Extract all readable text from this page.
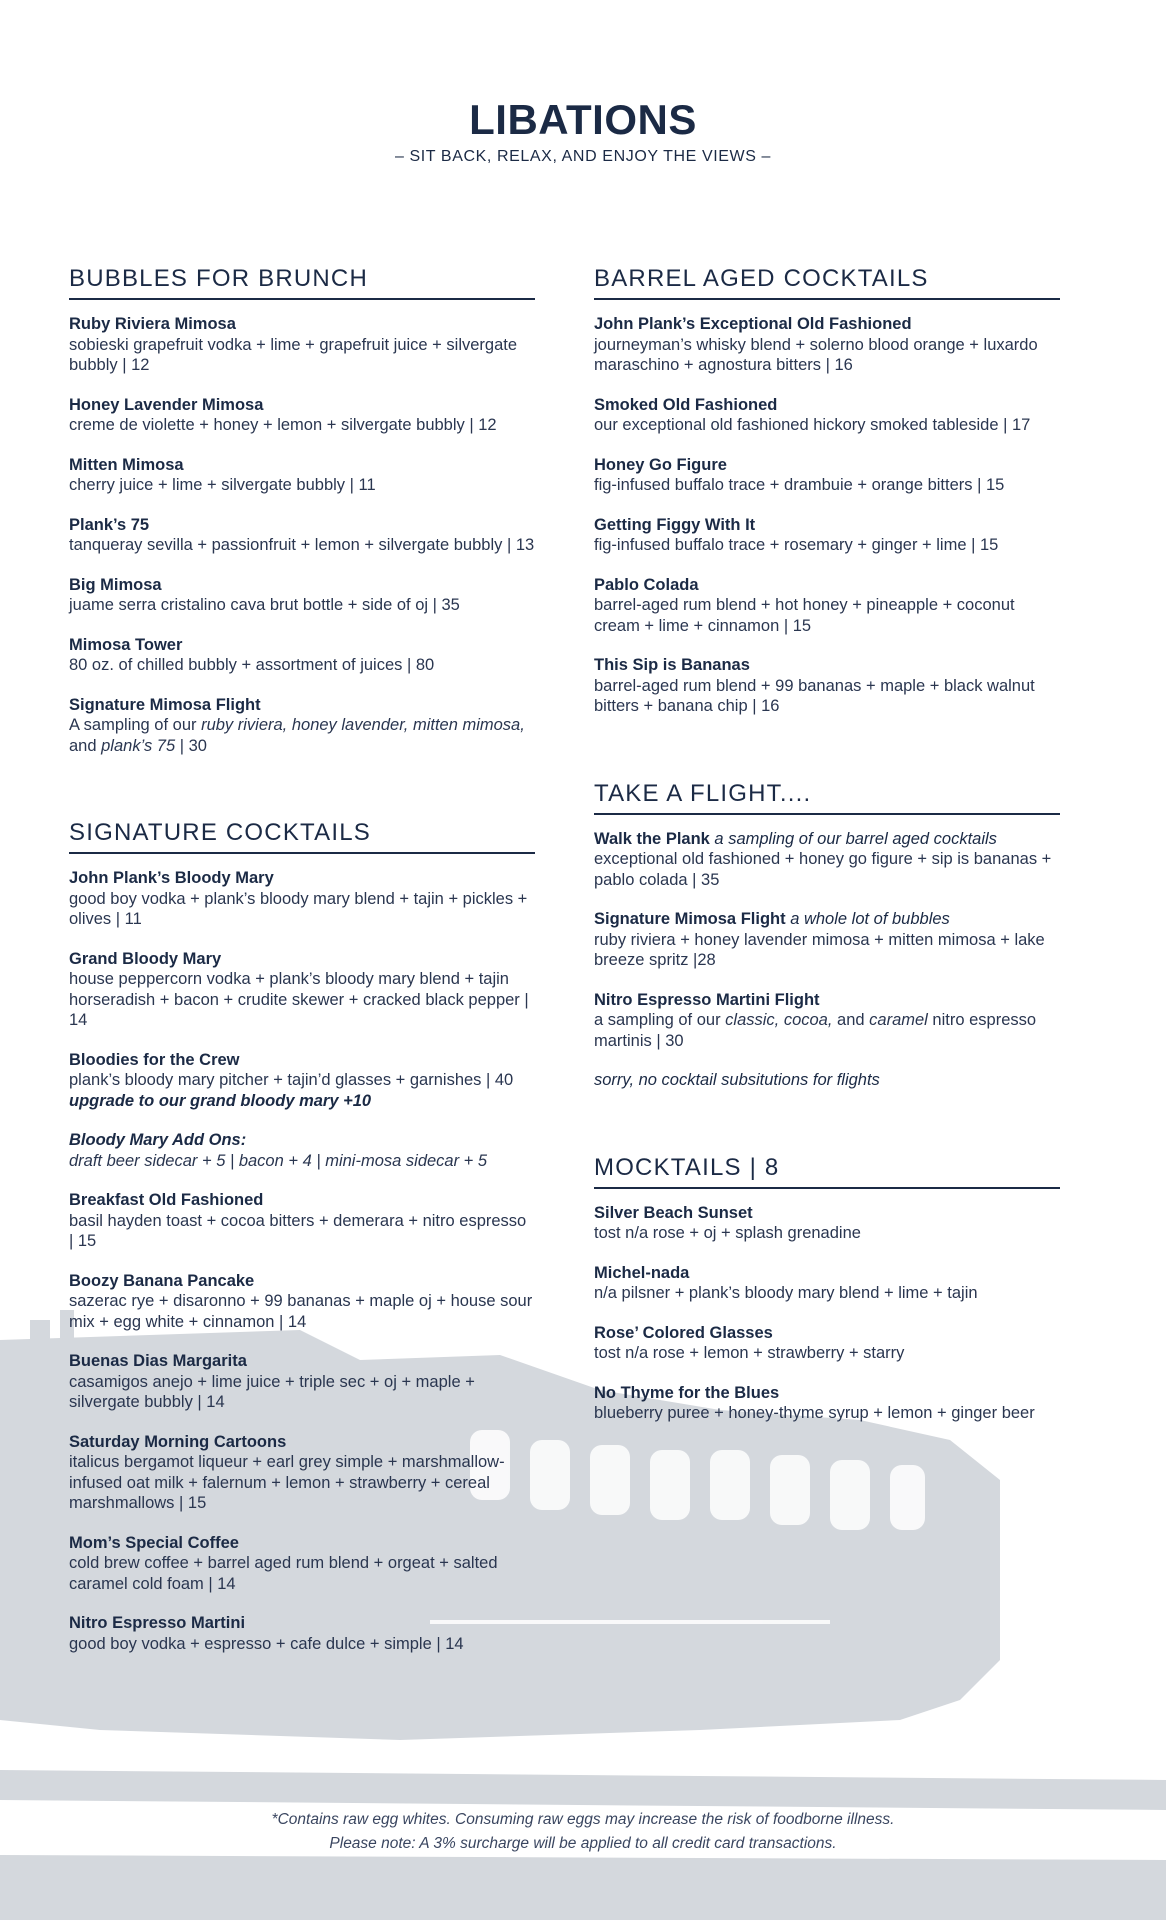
LIBATIONS
– SIT BACK, RELAX, AND ENJOY THE VIEWS –
BUBBLES FOR BRUNCH
Ruby Riviera Mimosa
sobieski grapefruit vodka + lime + grapefruit juice + silvergate bubbly | 12
Honey Lavender Mimosa
creme de violette + honey + lemon + silvergate bubbly | 12
Mitten Mimosa
cherry juice + lime + silvergate bubbly | 11
Plank’s 75
tanqueray sevilla + passionfruit + lemon + silvergate bubbly | 13
Big Mimosa
juame serra cristalino cava brut bottle + side of oj | 35
Mimosa Tower
80 oz. of chilled bubbly + assortment of juices | 80
Signature Mimosa Flight
A sampling of our ruby riviera, honey lavender, mitten mimosa, and plank’s 75 | 30
SIGNATURE COCKTAILS
John Plank’s Bloody Mary
good boy vodka + plank’s bloody mary blend + tajin + pickles + olives | 11
Grand Bloody Mary
house peppercorn vodka + plank’s bloody mary blend + tajin horseradish + bacon + crudite skewer + cracked black pepper | 14
Bloodies for the Crew
plank’s bloody mary pitcher + tajin’d glasses + garnishes | 40
upgrade to our grand bloody mary +10
Bloody Mary Add Ons:
draft beer sidecar + 5 | bacon + 4 | mini-mosa sidecar + 5
Breakfast Old Fashioned
basil hayden toast + cocoa bitters + demerara + nitro espresso | 15
Boozy Banana Pancake
sazerac rye + disaronno + 99 bananas + maple oj + house sour mix + egg white + cinnamon | 14
Buenas Dias Margarita
casamigos anejo + lime juice + triple sec + oj + maple + silvergate bubbly | 14
Saturday Morning Cartoons
italicus bergamot liqueur + earl grey simple + marshmallow-infused oat milk + falernum + lemon + strawberry + cereal marshmallows | 15
Mom’s Special Coffee
cold brew coffee + barrel aged rum blend + orgeat + salted caramel cold foam | 14
Nitro Espresso Martini
good boy vodka + espresso + cafe dulce + simple | 14
BARREL AGED COCKTAILS
John Plank’s Exceptional Old Fashioned
journeyman’s whisky blend + solerno blood orange + luxardo maraschino + agnostura bitters | 16
Smoked Old Fashioned
our exceptional old fashioned hickory smoked tableside | 17
Honey Go Figure
fig-infused buffalo trace + drambuie + orange bitters | 15
Getting Figgy With It
fig-infused buffalo trace + rosemary + ginger + lime | 15
Pablo Colada
barrel-aged rum blend + hot honey + pineapple + coconut cream + lime + cinnamon | 15
This Sip is Bananas
barrel-aged rum blend + 99 bananas + maple + black walnut bitters + banana chip | 16
TAKE A FLIGHT....
Walk the Plank a sampling of our barrel aged cocktails
exceptional old fashioned + honey go figure + sip is bananas + pablo colada | 35
Signature Mimosa Flight a whole lot of bubbles
ruby riviera + honey lavender mimosa + mitten mimosa + lake breeze spritz |28
Nitro Espresso Martini Flight
a sampling of our classic, cocoa, and caramel nitro espresso martinis | 30
sorry, no cocktail subsitutions for flights
MOCKTAILS | 8
Silver Beach Sunset
tost n/a rose + oj + splash grenadine
Michel-nada
n/a pilsner + plank’s bloody mary blend + lime + tajin
Rose’ Colored Glasses
tost n/a rose + lemon + strawberry + starry
No Thyme for the Blues
blueberry puree + honey-thyme syrup + lemon + ginger beer
*Contains raw egg whites. Consuming raw eggs may increase the risk of foodborne illness.
Please note: A 3% surcharge will be applied to all credit card transactions.
